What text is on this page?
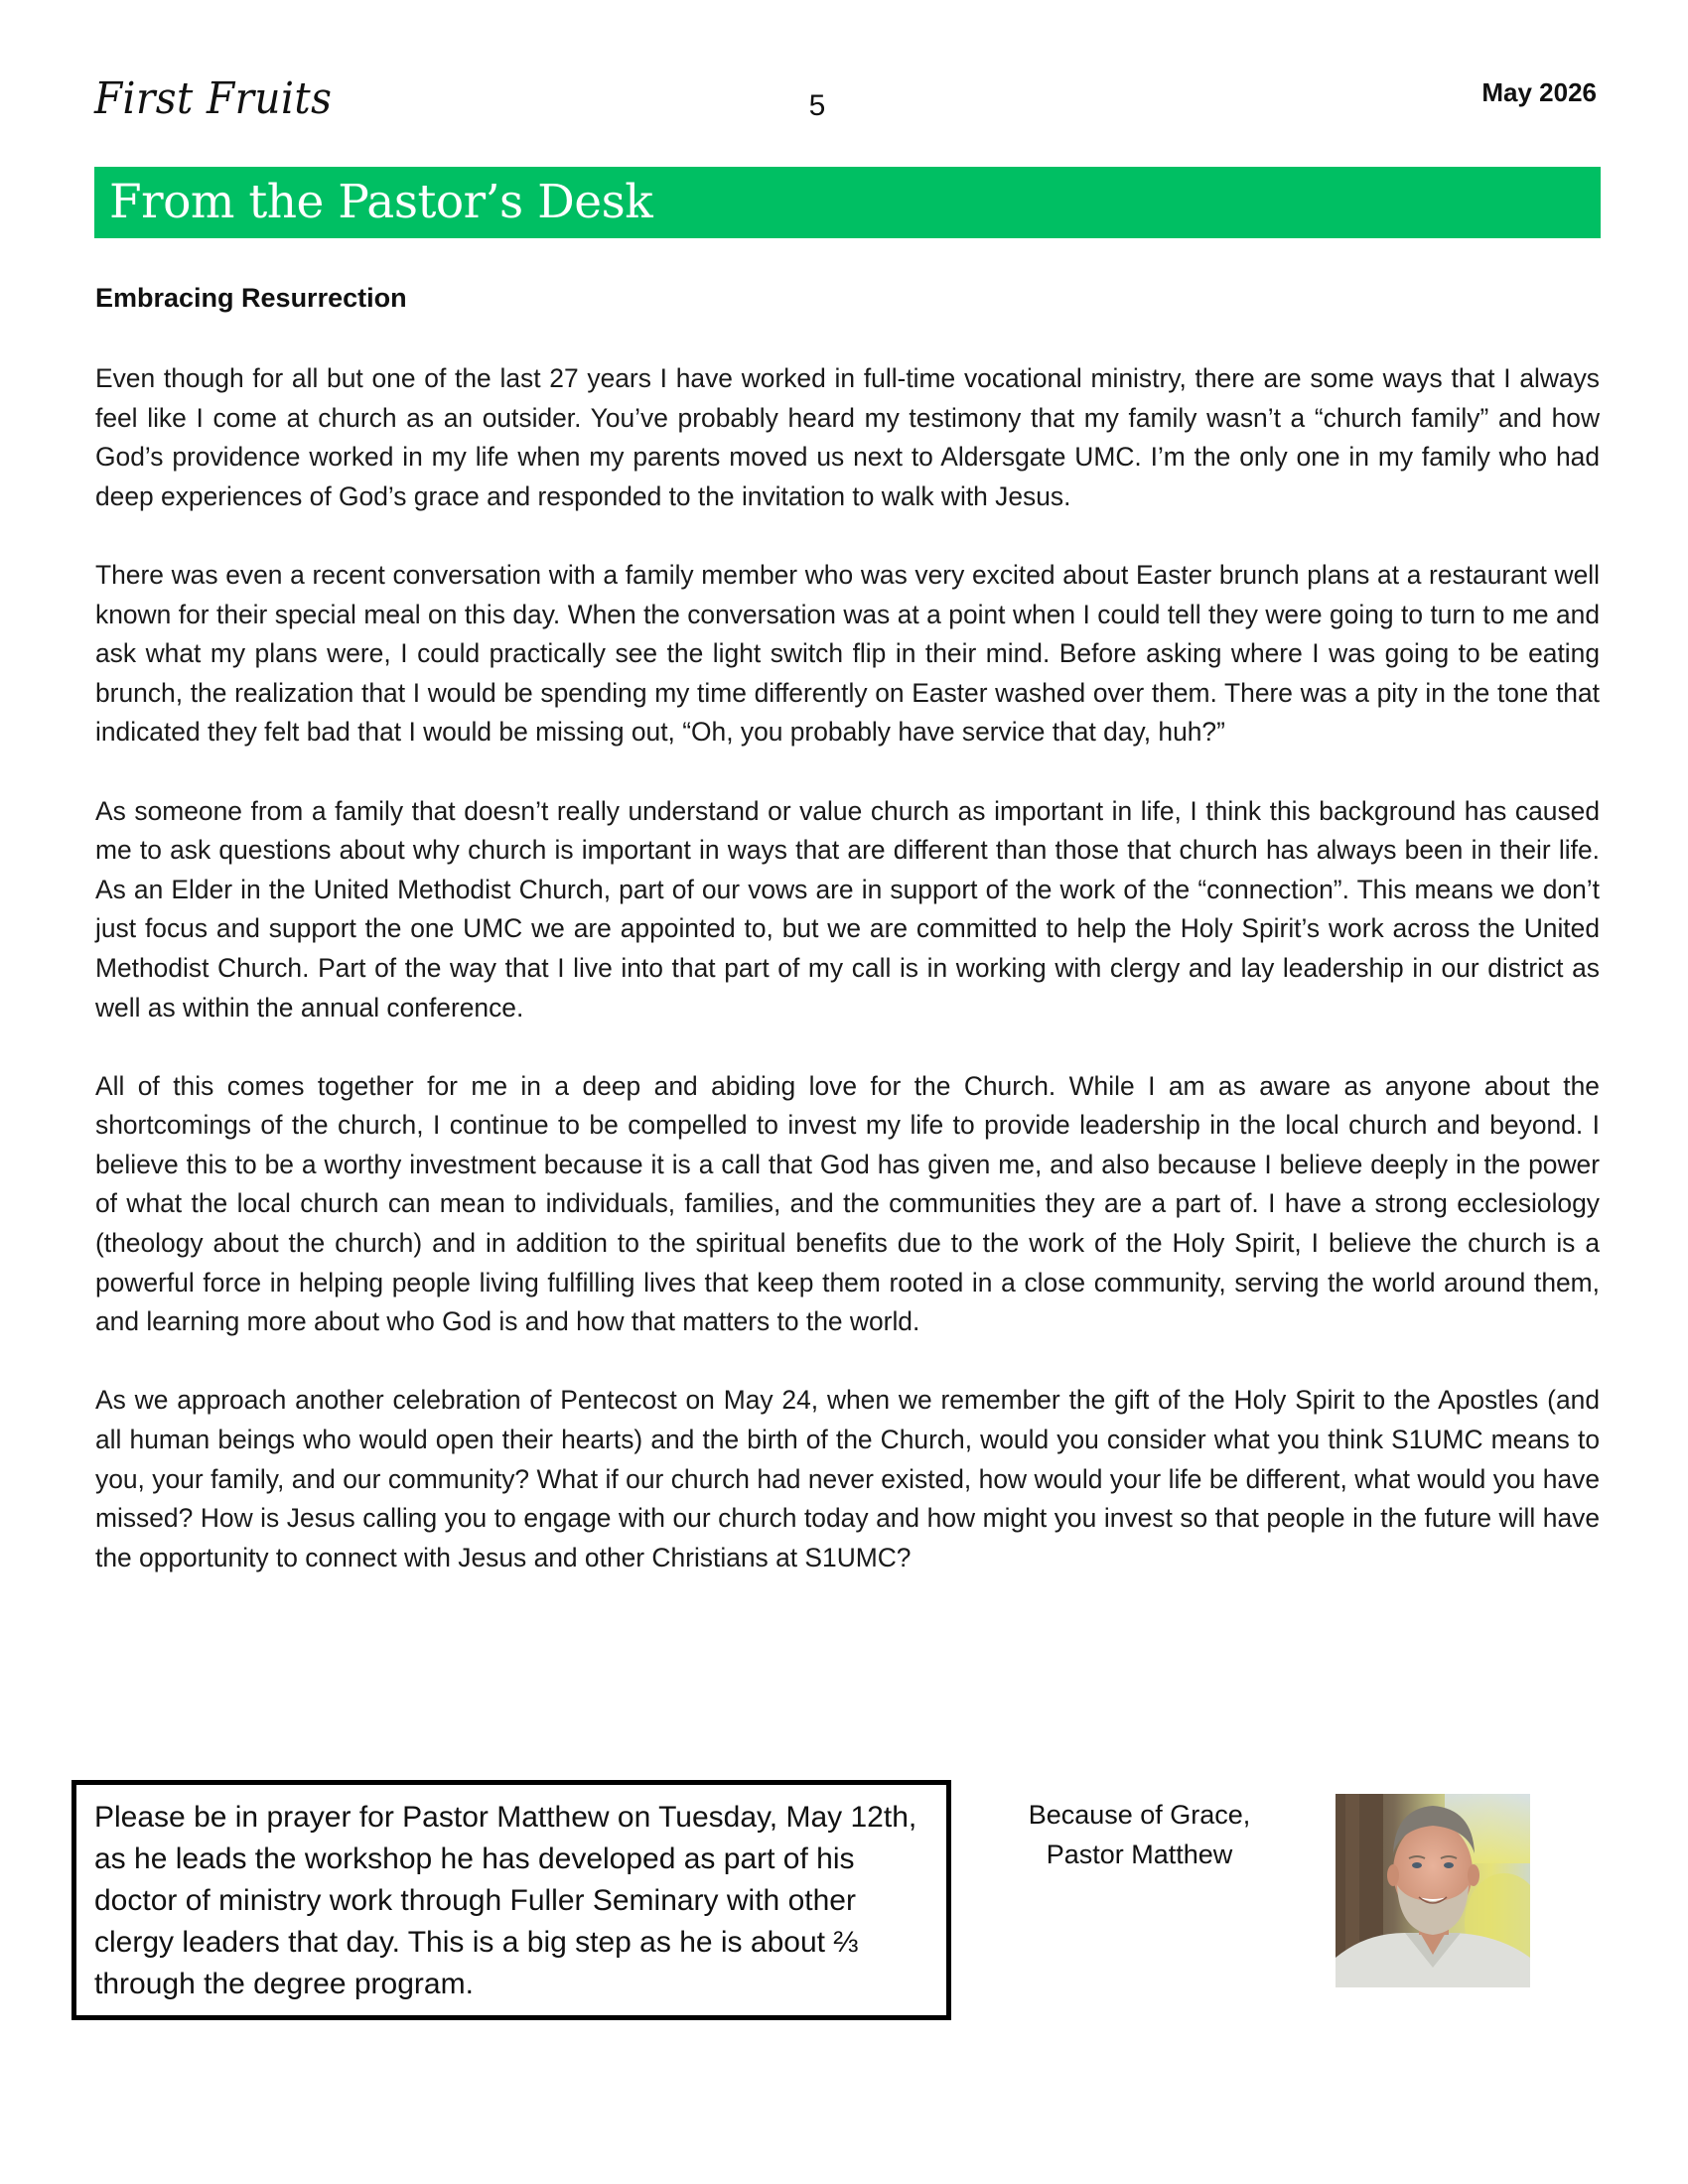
First Fruits	5	May 2026
From the Pastor’s Desk
Embracing Resurrection

Even though for all but one of the last 27 years I have worked in full-time vocational ministry, there are some ways that I always feel like I come at church as an outsider. You’ve probably heard my testimony that my family wasn’t a “church family” and how God’s providence worked in my life when my parents moved us next to Aldersgate UMC. I’m the only one in my family who had deep experiences of God’s grace and responded to the invitation to walk with Jesus.

There was even a recent conversation with a family member who was very excited about Easter brunch plans at a restaurant well known for their special meal on this day. When the conversation was at a point when I could tell they were going to turn to me and ask what my plans were, I could practically see the light switch flip in their mind. Before asking where I was going to be eating brunch, the realization that I would be spending my time differently on Easter washed over them. There was a pity in the tone that indicated they felt bad that I would be missing out, “Oh, you probably have service that day, huh?”

As someone from a family that doesn’t really understand or value church as important in life, I think this background has caused me to ask questions about why church is important in ways that are different than those that church has always been in their life. As an Elder in the United Methodist Church, part of our vows are in support of the work of the “connection”. This means we don’t just focus and support the one UMC we are appointed to, but we are committed to help the Holy Spirit’s work across the United Methodist Church. Part of the way that I live into that part of my call is in working with clergy and lay leadership in our district as well as within the annual conference.

All of this comes together for me in a deep and abiding love for the Church. While I am as aware as anyone about the shortcomings of the church, I continue to be compelled to invest my life to provide leadership in the local church and beyond. I believe this to be a worthy investment because it is a call that God has given me, and also because I believe deeply in the power of what the local church can mean to individuals, families, and the communities they are a part of. I have a strong ecclesiology (theology about the church) and in addition to the spiritual benefits due to the work of the Holy Spirit, I believe the church is a powerful force in helping people living fulfilling lives that keep them rooted in a close community, serving the world around them, and learning more about who God is and how that matters to the world.

As we approach another celebration of Pentecost on May 24, when we remember the gift of the Holy Spirit to the Apostles (and all human beings who would open their hearts) and the birth of the Church, would you consider what you think S1UMC means to you, your family, and our community? What if our church had never existed, how would your life be different, what would you have missed? How is Jesus calling you to engage with our church today and how might you invest so that people in the future will have the opportunity to connect with Jesus and other Christians at S1UMC?

Please be in prayer for Pastor Matthew on Tuesday, May 12th, as he leads the workshop he has developed as part of his doctor of ministry work through Fuller Seminary with other clergy leaders that day. This is a big step as he is about ⅔ through the degree program.

Because of Grace,
Pastor Matthew
